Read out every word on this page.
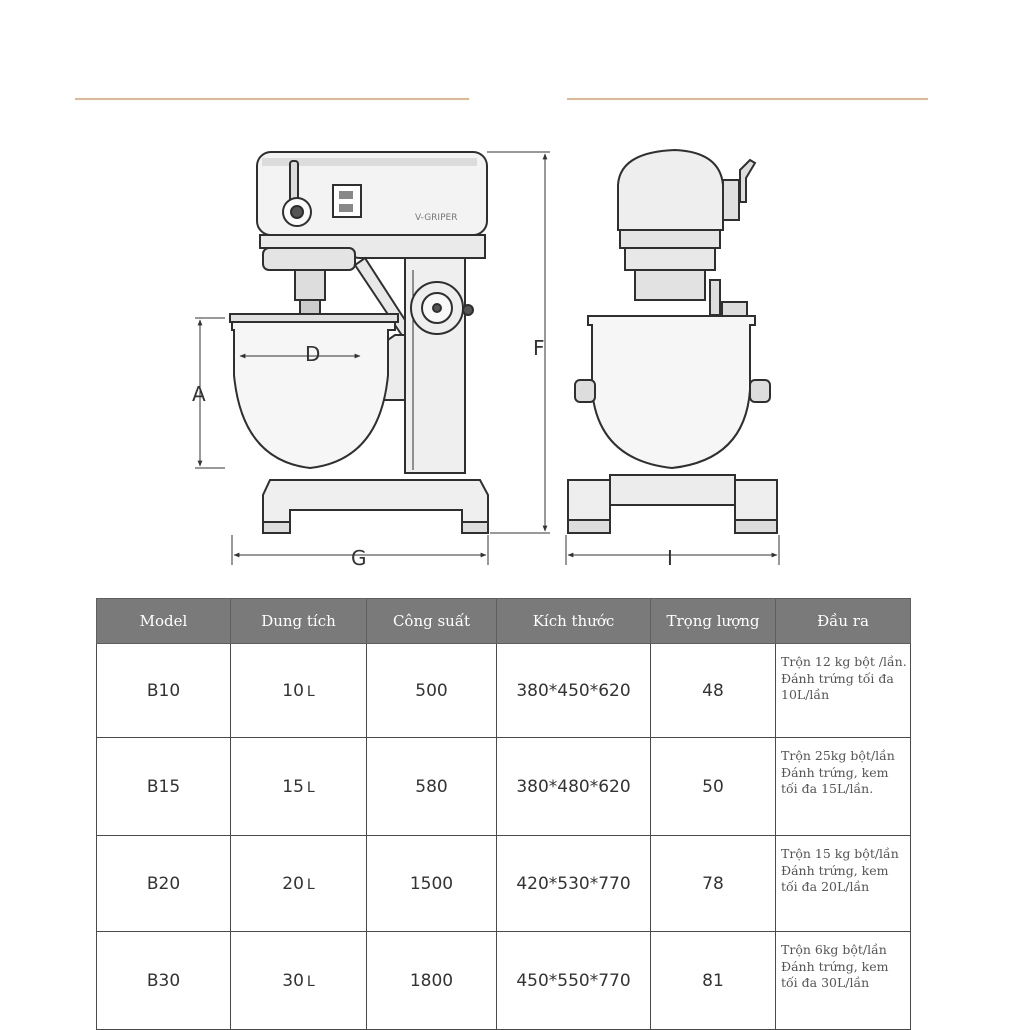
V-GRIPER
D
A
F
G	I
Model	Dung tích	Công suất	Kích thước	Trọng lượng	Đầu ra
B10	10 L	500	380*450*620	48	Trộn 12 kg bột /lần. Đánh trứng tối đa 10L/lần
B15	15 L	580	380*480*620	50	Trộn 25kg bột/lần Đánh trứng, kem tối đa 15L/lần.
B20	20 L	1500	420*530*770	78	Trộn 15 kg bột/lần Đánh trứng, kem tối đa 20L/lần
B30	30 L	1800	450*550*770	81	Trộn 6kg bột/lần Đánh trứng, kem tối đa 30L/lần
